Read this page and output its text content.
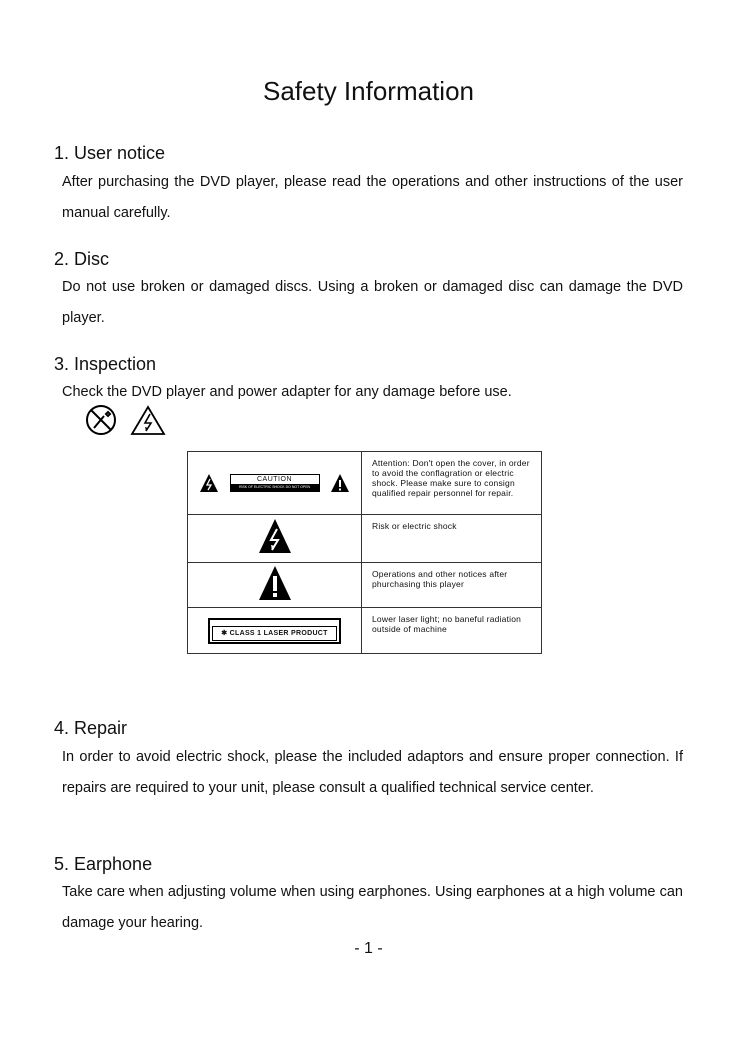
Safety Information
1. User notice

After purchasing the DVD player, please read the operations and other instructions of the user manual carefully.

2. Disc

Do not use broken or damaged discs. Using a broken or damaged disc can damage the DVD player.

3. Inspection

Check the DVD player and power adapter for any damage before use.

CAUTION
RISK OF ELECTRIC SHOCK DO NOT OPEN	Attention: Don't open the cover, in order to avoid the conflagration or electric shock. Please make sure to consign qualified repair personnel for repair.
	Risk or electric shock
	Operations and other notices after phurchasing this player
✱ CLASS 1 LASER PRODUCT	Lower laser light; no baneful radiation outside of machine
4. Repair

In order to avoid electric shock, please the included adaptors and ensure proper connection. If repairs are required to your unit, please consult a qualified technical service center.

5. Earphone

Take care when adjusting volume when using earphones. Using earphones at a high volume can damage your hearing.

- 1 -
